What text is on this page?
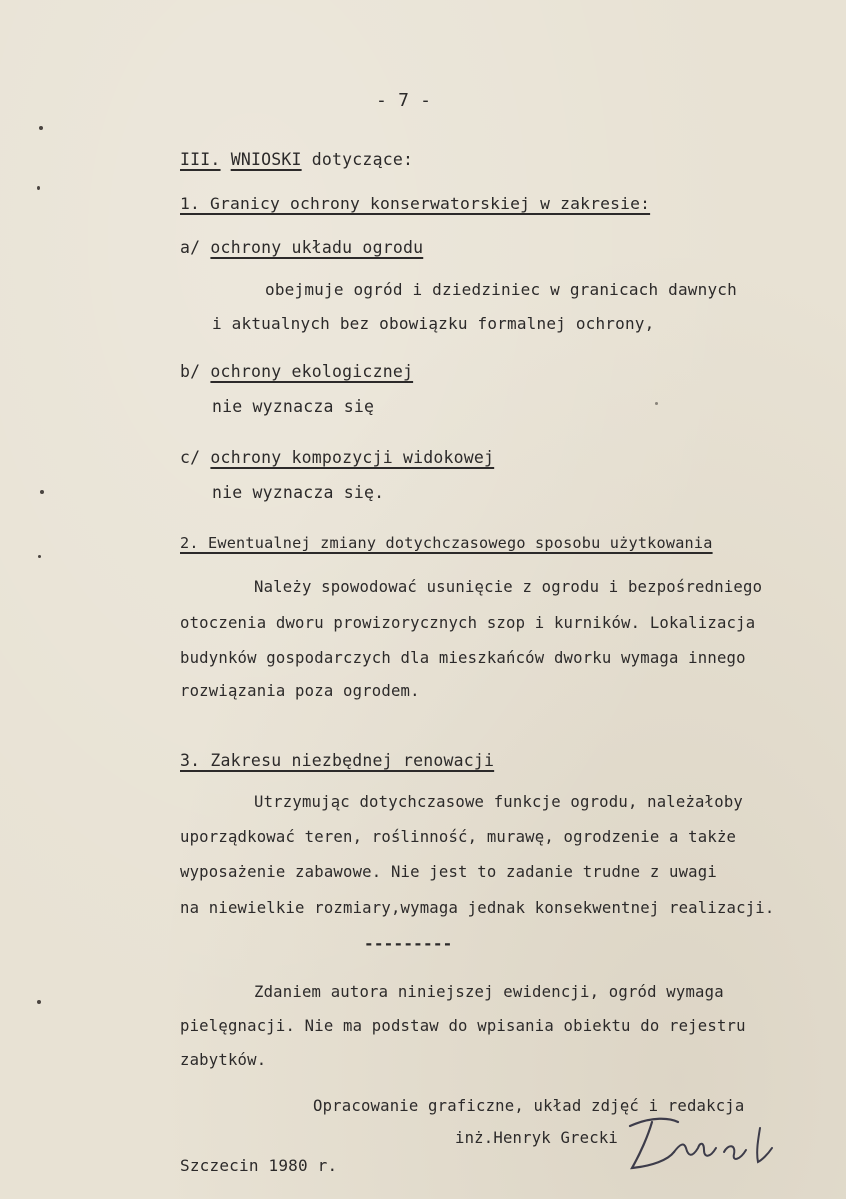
- 7 -
III. WNIOSKI dotyczące:
1. Granicy ochrony konserwatorskiej w zakresie:
a/ ochrony układu ogrodu
obejmuje ogród i dziedziniec w granicach dawnych
i aktualnych bez obowiązku formalnej ochrony,
b/ ochrony ekologicznej
nie wyznacza się
c/ ochrony kompozycji widokowej
nie wyznacza się.
2. Ewentualnej zmiany dotychczasowego sposobu użytkowania
Należy spowodować usunięcie z ogrodu i bezpośredniego
otoczenia dworu prowizorycznych szop i kurników. Lokalizacja
budynków gospodarczych dla mieszkańców dworku wymaga innego
rozwiązania poza ogrodem.
3. Zakresu niezbędnej renowacji
Utrzymując dotychczasowe funkcje ogrodu, należałoby
uporządkować teren, roślinność, murawę, ogrodzenie a także
wyposażenie zabawowe. Nie jest to zadanie trudne z uwagi
na niewielkie rozmiary,wymaga jednak konsekwentnej realizacji.
---------
Zdaniem autora niniejszej ewidencji, ogród wymaga
pielęgnacji. Nie ma podstaw do wpisania obiektu do rejestru
zabytków.
Opracowanie graficzne, układ zdjęć i redakcja
inż.Henryk Grecki
Szczecin 1980 r.
